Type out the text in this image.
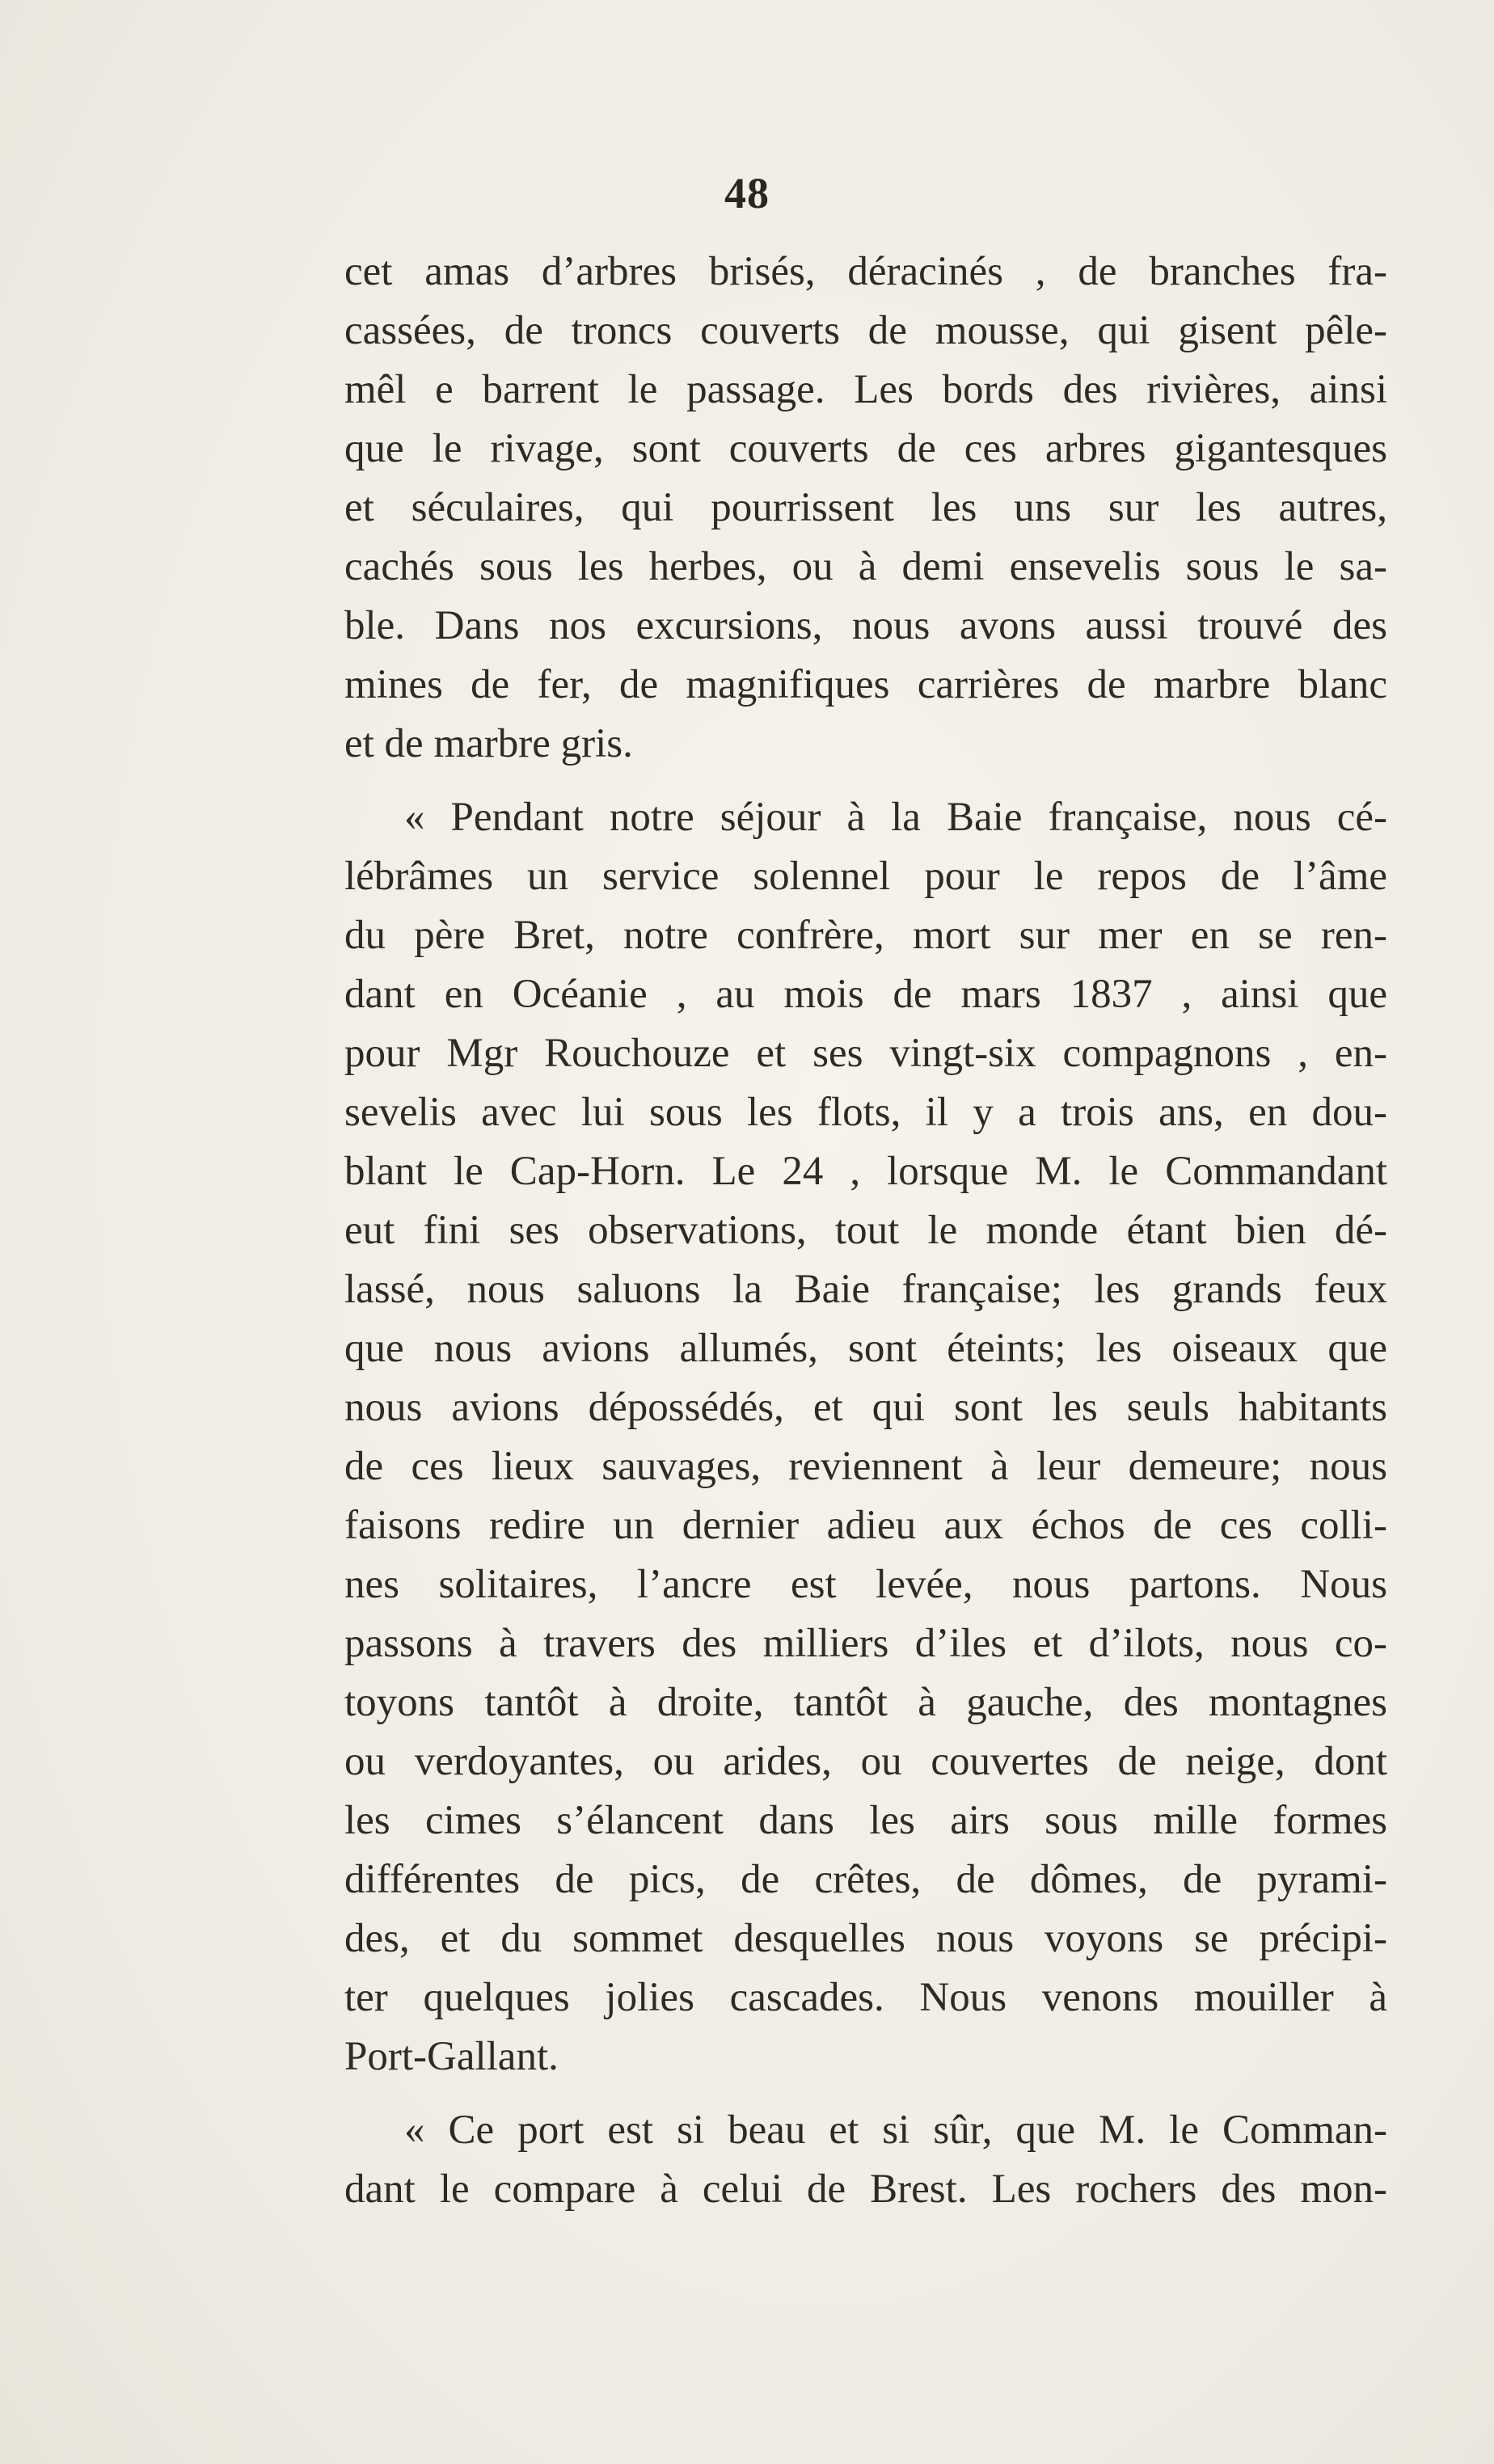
48
cet amas d’arbres brisés, déracinés , de branches fra-
cassées, de troncs couverts de mousse, qui gisent pêle-
mêl e barrent le passage. Les bords des rivières, ainsi
que le rivage, sont couverts de ces arbres gigantesques
et séculaires, qui pourrissent les uns sur les autres,
cachés sous les herbes, ou à demi ensevelis sous le sa-
ble. Dans nos excursions, nous avons aussi trouvé des
mines de fer, de magnifiques carrières de marbre blanc
et de marbre gris.
« Pendant notre séjour à la Baie française, nous cé-
lébrâmes un service solennel pour le repos de l’âme
du père Bret, notre confrère, mort sur mer en se ren-
dant en Océanie , au mois de mars 1837 , ainsi que
pour Mgr Rouchouze et ses vingt-six compagnons , en-
sevelis avec lui sous les flots, il y a trois ans, en dou-
blant le Cap-Horn. Le 24 , lorsque M. le Commandant
eut fini ses observations, tout le monde étant bien dé-
lassé, nous saluons la Baie française; les grands feux
que nous avions allumés, sont éteints; les oiseaux que
nous avions dépossédés, et qui sont les seuls habitants
de ces lieux sauvages, reviennent à leur demeure; nous
faisons redire un dernier adieu aux échos de ces colli-
nes solitaires, l’ancre est levée, nous partons. Nous
passons à travers des milliers d’iles et d’ilots, nous co-
toyons tantôt à droite, tantôt à gauche, des montagnes
ou verdoyantes, ou arides, ou couvertes de neige, dont
les cimes s’élancent dans les airs sous mille formes
différentes de pics, de crêtes, de dômes, de pyrami-
des, et du sommet desquelles nous voyons se précipi-
ter quelques jolies cascades. Nous venons mouiller à
Port-Gallant.
« Ce port est si beau et si sûr, que M. le Comman-
dant le compare à celui de Brest. Les rochers des mon-
